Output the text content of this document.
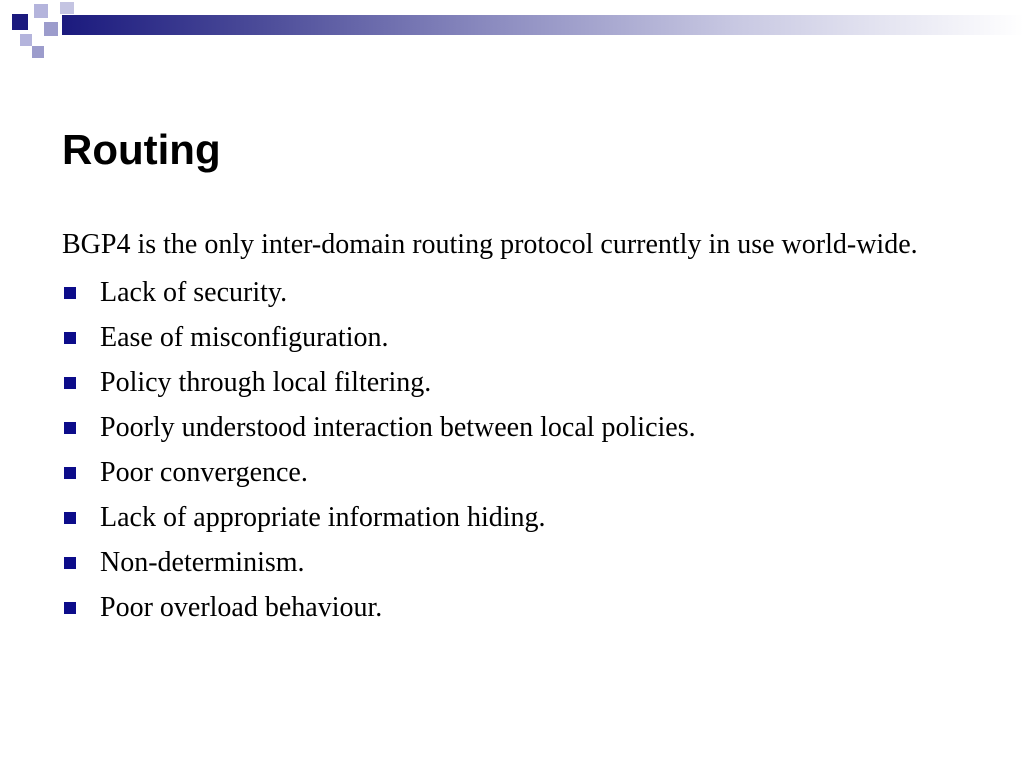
Routing

BGP4 is the only inter-domain routing protocol currently in use world-wide.

Lack of security.
Ease of misconfiguration.
Policy through local filtering.
Poorly understood interaction between local policies.
Poor convergence.
Lack of appropriate information hiding.
Non-determinism.
Poor overload behaviour.
